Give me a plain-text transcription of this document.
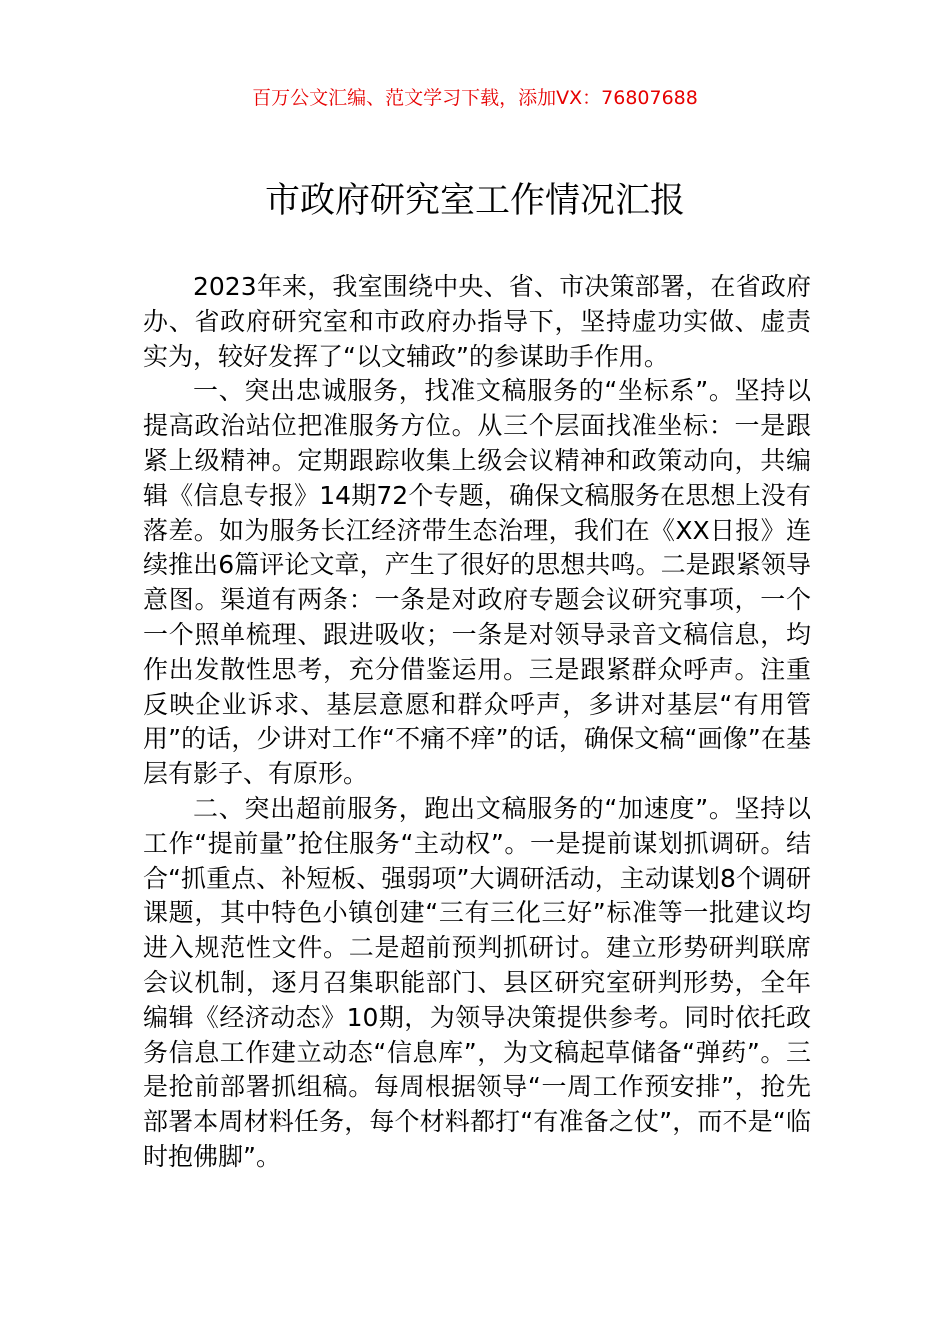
百万公文汇编、范文学习下载，添加VX：76807688
市政府研究室工作情况汇报

2023年来，我室围绕中央、省、市决策部署，在省政府办、省政府研究室和市政府办指导下，坚持虚功实做、虚责实为，较好发挥了“以文辅政”的参谋助手作用。

一、突出忠诚服务，找准文稿服务的“坐标系”。坚持以提高政治站位把准服务方位。从三个层面找准坐标：一是跟紧上级精神。定期跟踪收集上级会议精神和政策动向，共编辑《信息专报》14期72个专题，确保文稿服务在思想上没有落差。如为服务长江经济带生态治理，我们在《XX日报》连续推出6篇评论文章，产生了很好的思想共鸣。二是跟紧领导意图。渠道有两条：一条是对政府专题会议研究事项，一个一个照单梳理、跟进吸收；一条是对领导录音文稿信息，均作出发散性思考，充分借鉴运用。三是跟紧群众呼声。注重反映企业诉求、基层意愿和群众呼声，多讲对基层“有用管用”的话，少讲对工作“不痛不痒”的话，确保文稿“画像”在基层有影子、有原形。

二、突出超前服务，跑出文稿服务的“加速度”。坚持以工作“提前量”抢住服务“主动权”。一是提前谋划抓调研。结合“抓重点、补短板、强弱项”大调研活动，主动谋划8个调研课题，其中特色小镇创建“三有三化三好”标准等一批建议均进入规范性文件。二是超前预判抓研讨。建立形势研判联席会议机制，逐月召集职能部门、县区研究室研判形势，全年编辑《经济动态》10期，为领导决策提供参考。同时依托政务信息工作建立动态“信息库”，为文稿起草储备“弹药”。三是抢前部署抓组稿。每周根据领导“一周工作预安排”，抢先部署本周材料任务，每个材料都打“有准备之仗”，而不是“临时抱佛脚”。
